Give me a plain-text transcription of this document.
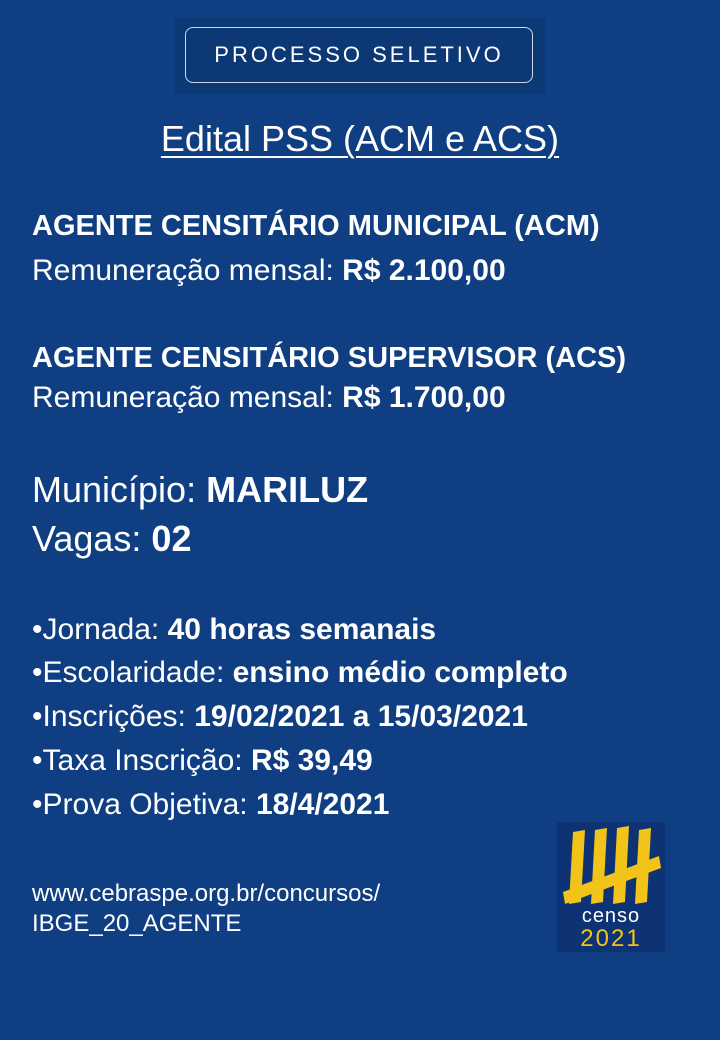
PROCESSO SELETIVO
Edital PSS (ACM e ACS)
AGENTE CENSITÁRIO MUNICIPAL (ACM)
Remuneração mensal: R$ 2.100,00
AGENTE CENSITÁRIO SUPERVISOR (ACS)
Remuneração mensal: R$ 1.700,00
Município: MARILUZ
Vagas: 02
•Jornada: 40 horas semanais
•Escolaridade: ensino médio completo
•Inscrições: 19/02/2021 a 15/03/2021
•Taxa Inscrição: R$ 39,49
•Prova Objetiva: 18/4/2021
www.cebraspe.org.br/concursos/
IBGE_20_AGENTE	censo
2021
